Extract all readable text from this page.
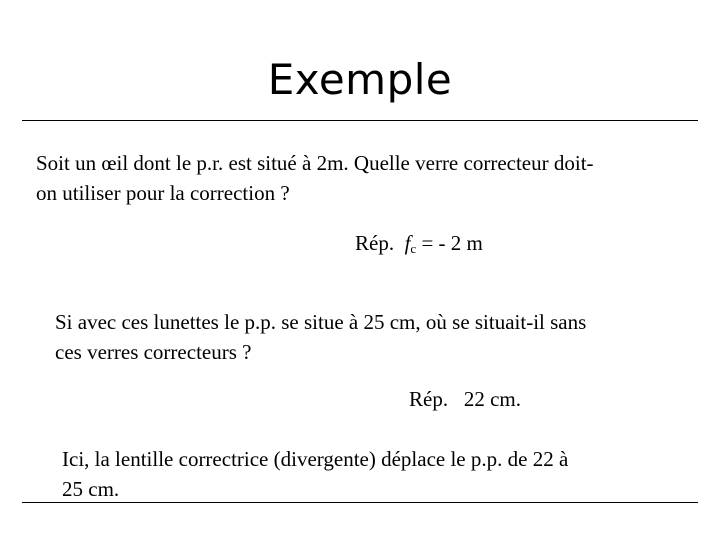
Exemple

Soit un œil dont le p.r. est situé à 2m. Quelle verre correcteur doit-
on utiliser pour la correction ?

Rép. $f_c$ = - 2 m

Si avec ces lunettes le p.p. se situe à 25 cm, où se situait-il sans
ces verres correcteurs ?

Rép. 22 cm.

Ici, la lentille correctrice (divergente) déplace le p.p. de 22 à
25 cm.
